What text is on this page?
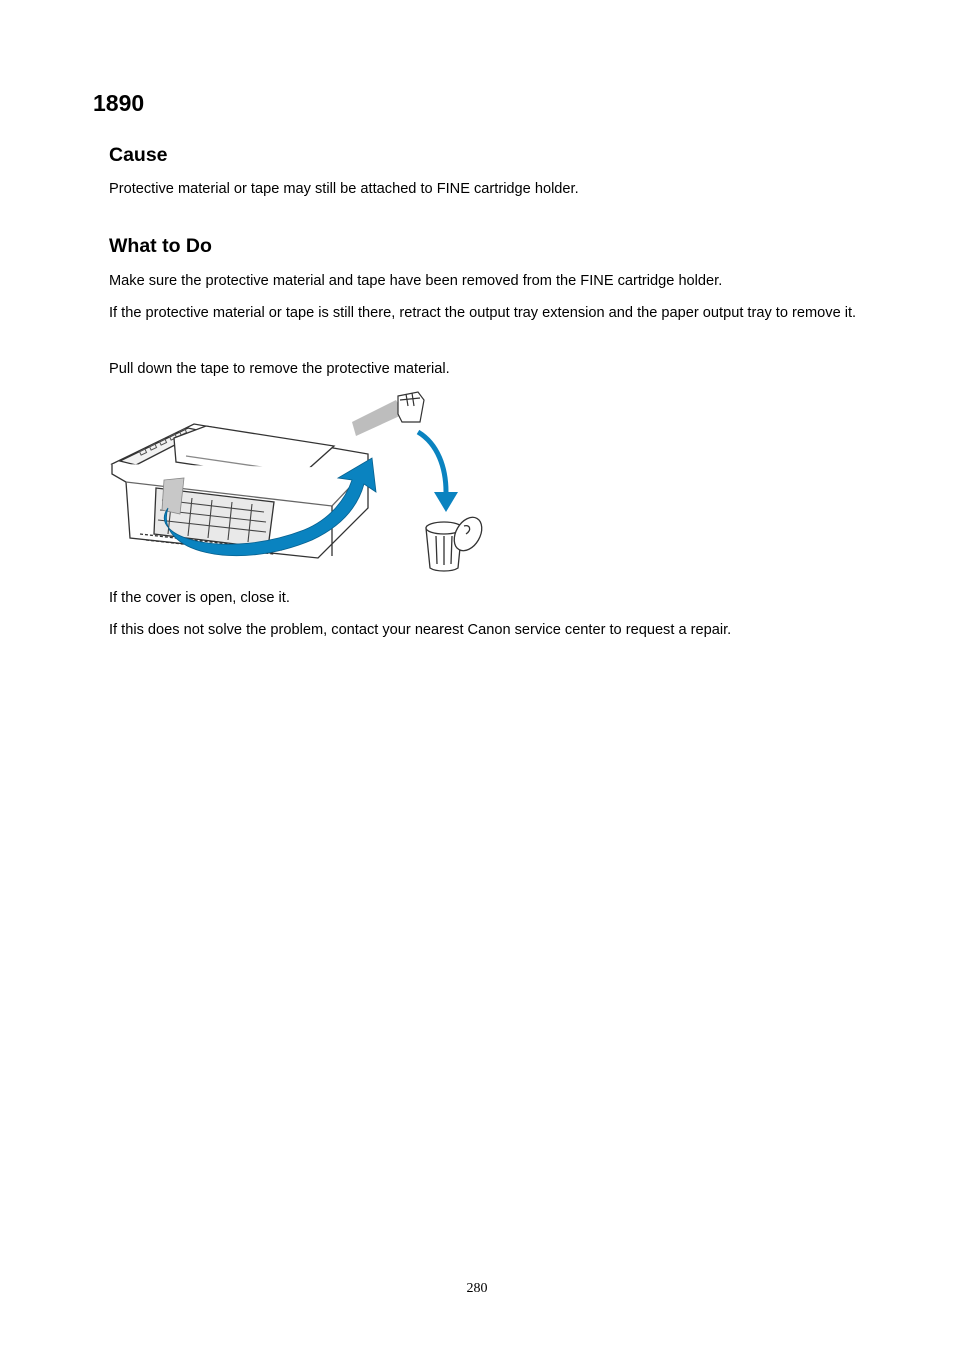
1890
Cause

Protective material or tape may still be attached to FINE cartridge holder.

What to Do

Make sure the protective material and tape have been removed from the FINE cartridge holder.

If the protective material or tape is still there, retract the output tray extension and the paper output tray to remove it.

Pull down the tape to remove the protective material.

If the cover is open, close it.

If this does not solve the problem, contact your nearest Canon service center to request a repair.

280
